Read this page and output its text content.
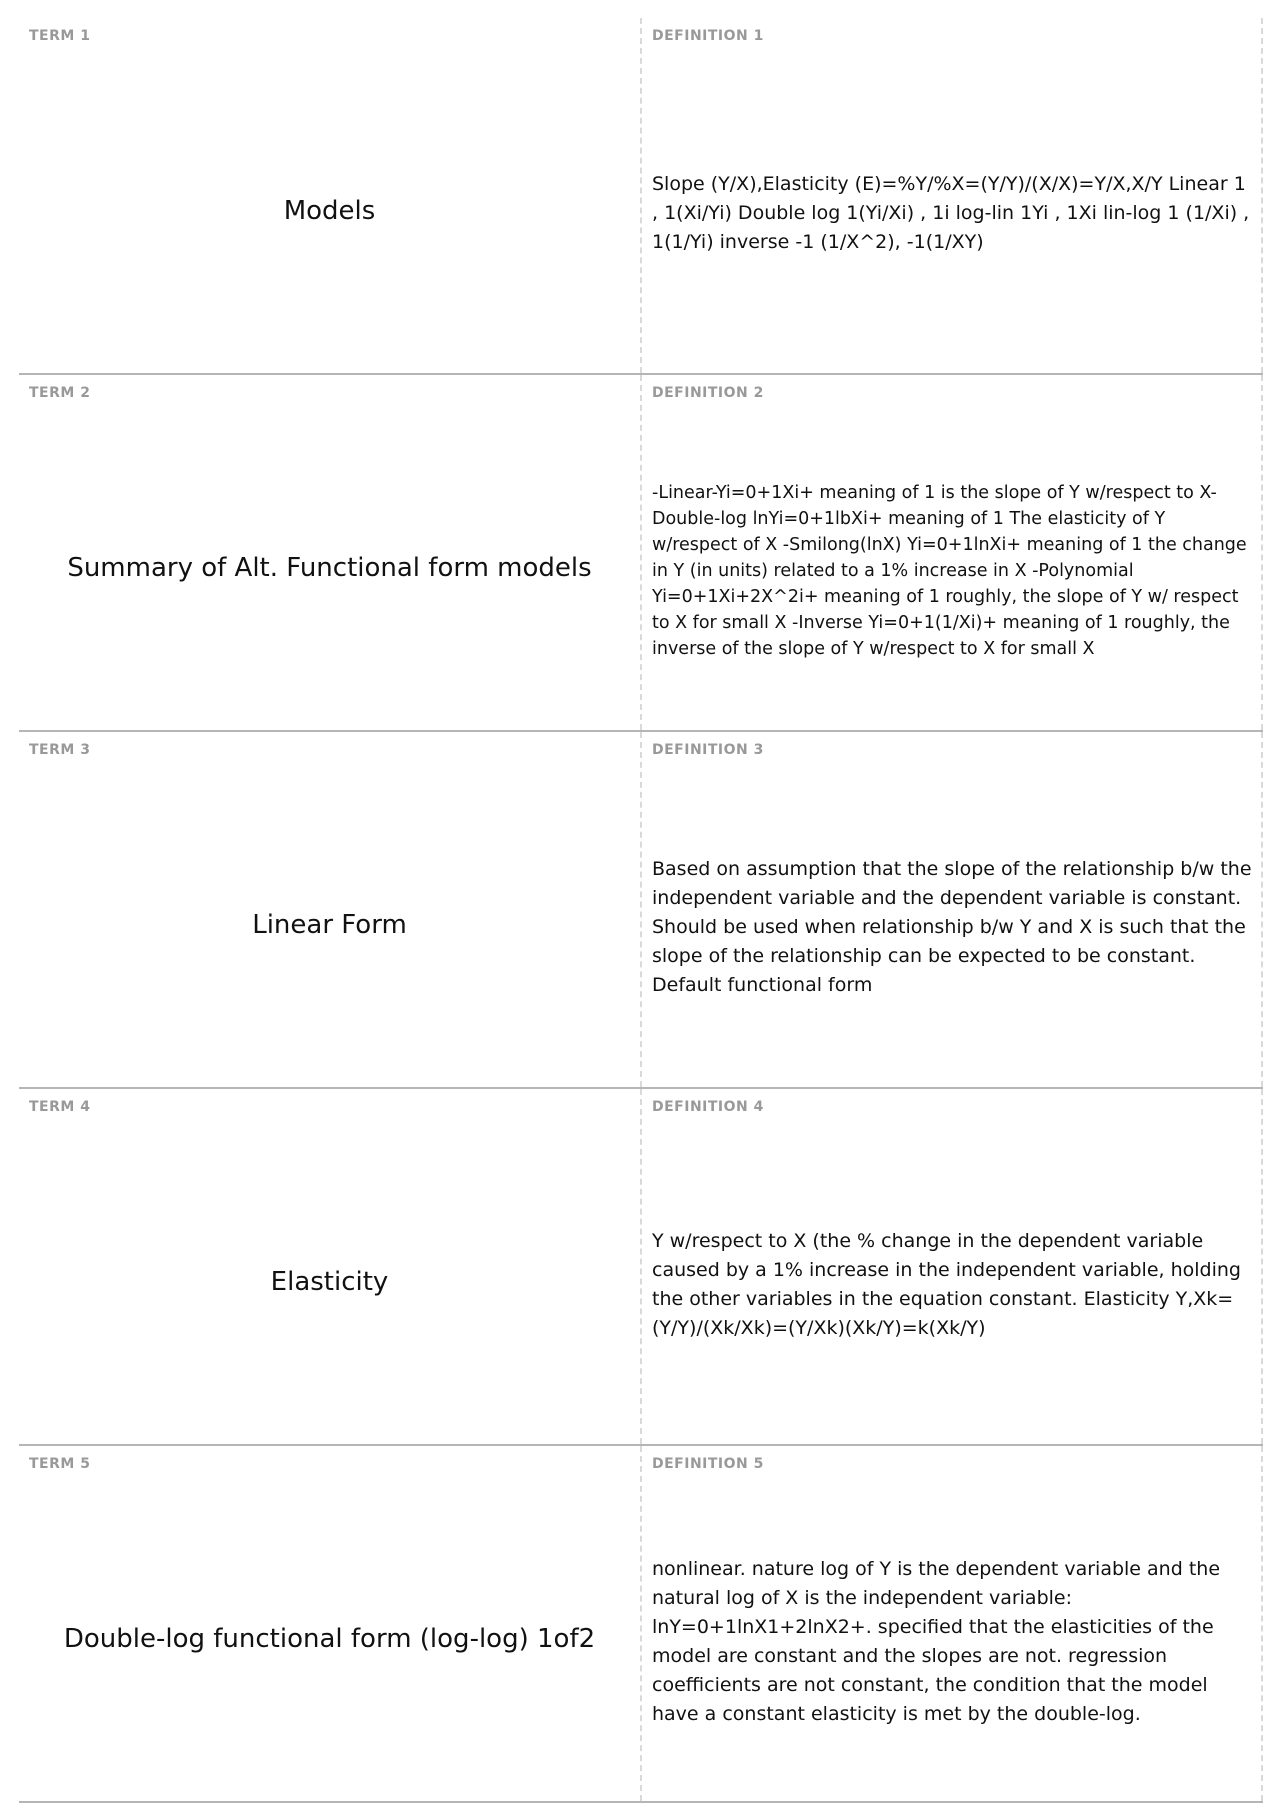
TERM 1
Models
DEFINITION 1
Slope (Y/X),Elasticity (E)=%Y/%X=(Y/Y)/(X/X)=Y/X,X/Y Linear 1 , 1(Xi/Yi) Double log 1(Yi/Xi) , 1i log-lin 1Yi , 1Xi lin-log 1 (1/Xi) , 1(1/Yi) inverse -1 (1/X^2), -1(1/XY)
TERM 2
Summary of Alt. Functional form models
DEFINITION 2
-Linear-Yi=0+1Xi+ meaning of 1 is the slope of Y w/respect to X-Double-log lnYi=0+1lbXi+ meaning of 1 The elasticity of Y w/respect of X -Smilong(lnX) Yi=0+1lnXi+ meaning of 1 the change in Y (in units) related to a 1% increase in X -Polynomial Yi=0+1Xi+2X^2i+ meaning of 1 roughly, the slope of Y w/ respect to X for small X -Inverse Yi=0+1(1/Xi)+ meaning of 1 roughly, the inverse of the slope of Y w/respect to X for small X
TERM 3
Linear Form
DEFINITION 3
Based on assumption that the slope of the relationship b/w the independent variable and the dependent variable is constant. Should be used when relationship b/w Y and X is such that the slope of the relationship can be expected to be constant. Default functional form
TERM 4
Elasticity
DEFINITION 4
Y w/respect to X (the % change in the dependent variable caused by a 1% increase in the independent variable, holding the other variables in the equation constant. Elasticity Y,Xk=(Y/Y)/(Xk/Xk)=(Y/Xk)(Xk/Y)=k(Xk/Y)
TERM 5
Double-log functional form (log-log) 1of2
DEFINITION 5
nonlinear. nature log of Y is the dependent variable and the natural log of X is the independent variable: lnY=0+1lnX1+2lnX2+. specified that the elasticities of the model are constant and the slopes are not. regression coefficients are not constant, the condition that the model have a constant elasticity is met by the double-log.
